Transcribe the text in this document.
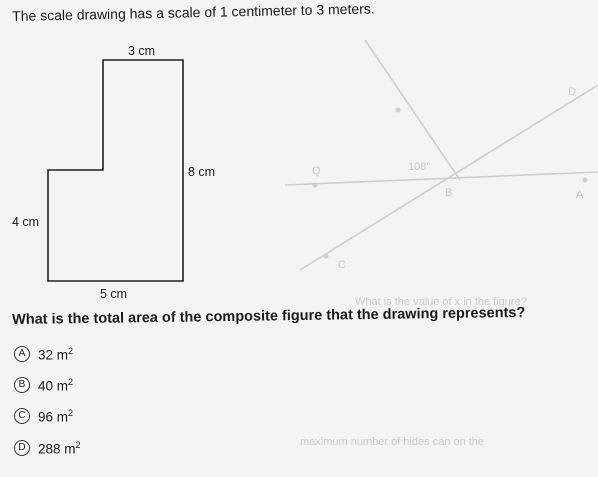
D
A
B
C
Q	108°
What is the value of x in the figure?
maximum number of hides can on the
The scale drawing has a scale of 1 centimeter to 3 meters.
3 cm
8 cm
4 cm
5 cm
What is the total area of the composite figure that the drawing represents?
A 32 $m^2$
B 40 $m^2$
C 96 $m^2$
D 288 $m^2$
